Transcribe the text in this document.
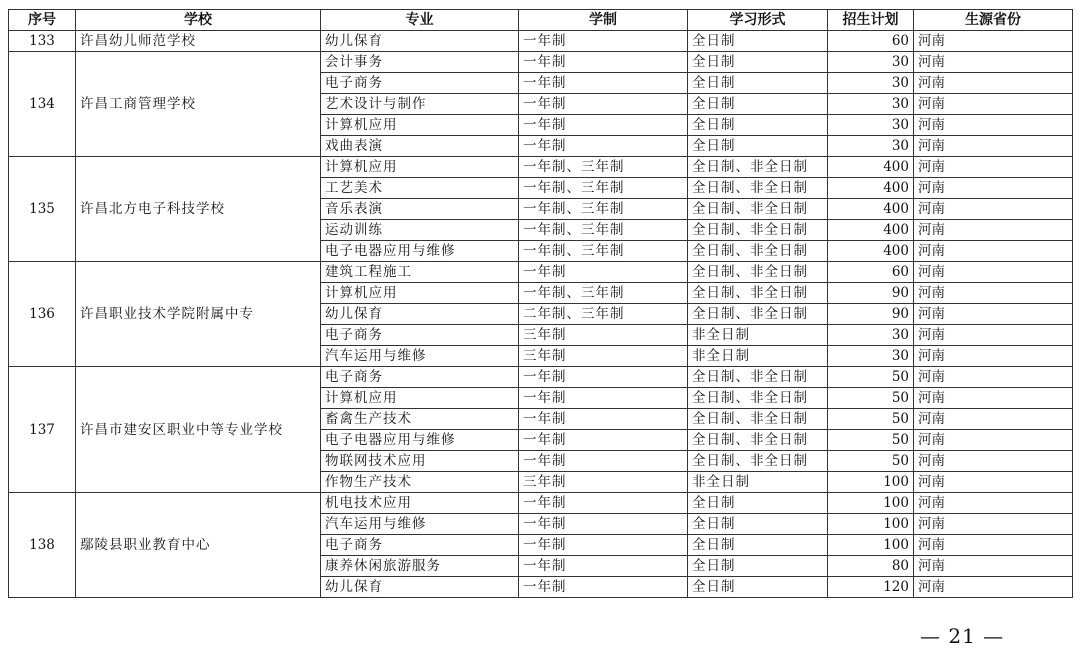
序号	学校	专业	学制	学习形式	招生计划	生源省份
133	许昌幼儿师范学校	幼儿保育	一年制	全日制	60	河南
134	许昌工商管理学校	会计事务	一年制	全日制	30	河南
		电子商务	一年制	全日制	30	河南
		艺术设计与制作	一年制	全日制	30	河南
		计算机应用	一年制	全日制	30	河南
		戏曲表演	一年制	全日制	30	河南
135	许昌北方电子科技学校	计算机应用	一年制、三年制	全日制、非全日制	400	河南
		工艺美术	一年制、三年制	全日制、非全日制	400	河南
		音乐表演	一年制、三年制	全日制、非全日制	400	河南
		运动训练	一年制、三年制	全日制、非全日制	400	河南
		电子电器应用与维修	一年制、三年制	全日制、非全日制	400	河南
136	许昌职业技术学院附属中专	建筑工程施工	一年制	全日制、非全日制	60	河南
		计算机应用	一年制、三年制	全日制、非全日制	90	河南
		幼儿保育	二年制、三年制	全日制、非全日制	90	河南
		电子商务	三年制	非全日制	30	河南
		汽车运用与维修	三年制	非全日制	30	河南
137	许昌市建安区职业中等专业学校	电子商务	一年制	全日制、非全日制	50	河南
		计算机应用	一年制	全日制、非全日制	50	河南
		畜禽生产技术	一年制	全日制、非全日制	50	河南
		电子电器应用与维修	一年制	全日制、非全日制	50	河南
		物联网技术应用	一年制	全日制、非全日制	50	河南
		作物生产技术	三年制	非全日制	100	河南
138	鄢陵县职业教育中心	机电技术应用	一年制	全日制	100	河南
		汽车运用与维修	一年制	全日制	100	河南
		电子商务	一年制	全日制	100	河南
		康养休闲旅游服务	一年制	全日制	80	河南
		幼儿保育	一年制	全日制	120	河南
— 21 —
